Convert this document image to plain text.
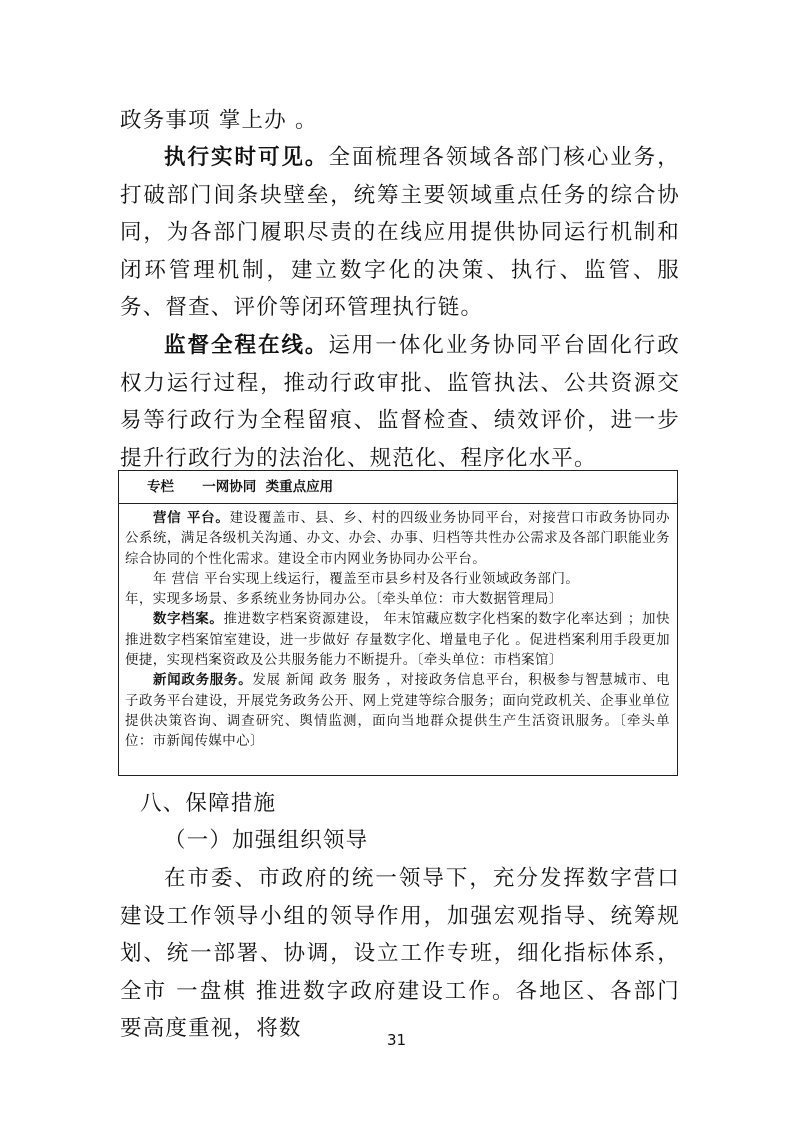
政务事项 掌上办 。

执行实时可见。全面梳理各领域各部门核心业务，打破部门间条块壁垒，统筹主要领域重点任务的综合协同，为各部门履职尽责的在线应用提供协同运行机制和闭环管理机制，建立数字化的决策、执行、监管、服务、督查、评价等闭环管理执行链。

监督全程在线。运用一体化业务协同平台固化行政权力运行过程，推动行政审批、监管执法、公共资源交易等行政行为全程留痕、监督检查、绩效评价，进一步提升行政行为的法治化、规范化、程序化水平。

专栏      一网协同  类重点应用

营信 平台。建设覆盖市、县、乡、村的四级业务协同平台，对接营口市政务协同办公系统，满足各级机关沟通、办文、办会、办事、归档等共性办公需求及各部门职能业务综合协同的个性化需求。建设全市内网业务协同办公平台。

年 营信 平台实现上线运行，覆盖至市县乡村及各行业领域政务部门。

年，实现多场景、多系统业务协同办公。〔牵头单位：市大数据管理局〕

数字档案。推进数字档案资源建设， 年末馆藏应数字化档案的数字化率达到 ；加快推进数字档案馆室建设，进一步做好 存量数字化、增量电子化 。促进档案利用手段更加便捷，实现档案资政及公共服务能力不断提升。〔牵头单位：市档案馆〕

新闻政务服务。发展 新闻 政务 服务 ，对接政务信息平台，积极参与智慧城市、电子政务平台建设，开展党务政务公开、网上党建等综合服务；面向党政机关、企事业单位提供决策咨询、调查研究、舆情监测，面向当地群众提供生产生活资讯服务。〔牵头单位：市新闻传媒中心〕

八、保障措施
（一）加强组织领导

在市委、市政府的统一领导下，充分发挥数字营口建设工作领导小组的领导作用，加强宏观指导、统筹规划、统一部署、协调，设立工作专班，细化指标体系，全市 一盘棋 推进数字政府建设工作。各地区、各部门要高度重视，将数	31
